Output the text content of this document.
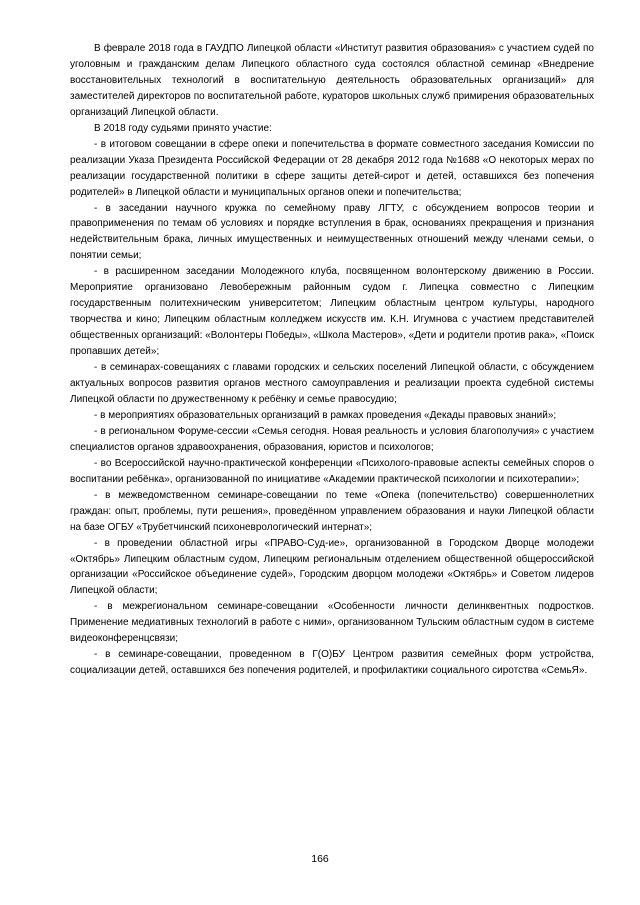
В феврале 2018 года в ГАУДПО Липецкой области «Институт развития образования» с участием судей по уголовным и гражданским делам Липецкого областного суда состоялся областной семинар «Внедрение восстановительных технологий в воспитательную деятельность образовательных организаций» для заместителей директоров по воспитательной работе, кураторов школьных служб примирения образовательных организаций Липецкой области.

В 2018 году судьями принято участие:

- в итоговом совещании в сфере опеки и попечительства в формате совместного заседания Комиссии по реализации Указа Президента Российской Федерации от 28 декабря 2012 года №1688 «О некоторых мерах по реализации государственной политики в сфере защиты детей-сирот и детей, оставшихся без попечения родителей» в Липецкой области и муниципальных органов опеки и попечительства;

- в заседании научного кружка по семейному праву ЛГТУ, с обсуждением вопросов теории и правоприменения по темам об условиях и порядке вступления в брак, основаниях прекращения и признания недействительным брака, личных имущественных и неимущественных отношений между членами семьи, о понятии семьи;

- в расширенном заседании Молодежного клуба, посвященном волонтерскому движению в России. Мероприятие организовано Левобережным районным судом г. Липецка совместно с Липецким государственным политехническим университетом; Липецким областным центром культуры, народного творчества и кино; Липецким областным колледжем искусств им. К.Н. Игумнова с участием представителей общественных организаций: «Волонтеры Победы», «Школа Мастеров», «Дети и родители против рака», «Поиск пропавших детей»;

- в семинарах-совещаниях с главами городских и сельских поселений Липецкой области, с обсуждением актуальных вопросов развития органов местного самоуправления и реализации проекта судебной системы Липецкой области по дружественному к ребёнку и семье правосудию;

- в мероприятиях образовательных организаций в рамках проведения «Декады правовых знаний»;

- в региональном Форуме-сессии «Семья сегодня. Новая реальность и условия благополучия» с участием специалистов органов здравоохранения, образования, юристов и психологов;

- во Всероссийской научно-практической конференции «Психолого-правовые аспекты семейных споров о воспитании ребёнка», организованной по инициативе «Академии практической психологии и психотерапии»;

- в межведомственном семинаре-совещании по теме «Опека (попечительство) совершеннолетних граждан: опыт, проблемы, пути решения», проведённом управлением образования и науки Липецкой области на базе ОГБУ «Трубетчинский психоневрологический интернат»;

- в проведении областной игры «ПРАВО-Суд-ие», организованной в Городском Дворце молодежи «Октябрь» Липецким областным судом, Липецким региональным отделением общественной общероссийской организации «Российское объединение судей», Городским дворцом молодежи «Октябрь» и Советом лидеров Липецкой области;

- в межрегиональном семинаре-совещании «Особенности личности делинквентных подростков. Применение медиативных технологий в работе с ними», организованном Тульским областным судом в системе видеоконференцсвязи;

- в семинаре-совещании, проведенном в Г(О)БУ Центром развития семейных форм устройства, социализации детей, оставшихся без попечения родителей, и профилактики социального сиротства «СемьЯ».

166
